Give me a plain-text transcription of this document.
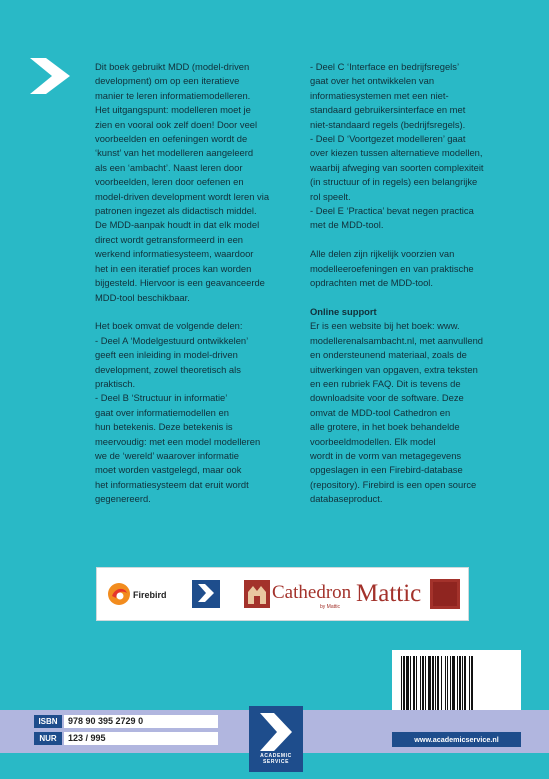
Dit boek gebruikt MDD (model-driven

development) om op een iteratieve

manier te leren informatiemodelleren.

Het uitgangspunt: modelleren moet je

zien en vooral ook zelf doen! Door veel

voorbeelden en oefeningen wordt de

‘kunst’ van het modelleren aangeleerd

als een ‘ambacht’. Naast leren door

voorbeelden, leren door oefenen en

model-driven development wordt leren via

patronen ingezet als didactisch middel.

De MDD-aanpak houdt in dat elk model

direct wordt getransformeerd in een

werkend informatiesysteem, waardoor

het in een iteratief proces kan worden

bijgesteld. Hiervoor is een geavanceerde

MDD-tool beschikbaar.

Het boek omvat de volgende delen:

- Deel A ‘Modelgestuurd ontwikkelen’

geeft een inleiding in model-driven

development, zowel theoretisch als

praktisch.

- Deel B ‘Structuur in informatie’

gaat over informatiemodellen en

hun betekenis. Deze betekenis is

meervoudig: met een model modelleren

we de ‘wereld’ waarover informatie

moet worden vastgelegd, maar ook

het informatiesysteem dat eruit wordt

gegenereerd.

- Deel C ‘Interface en bedrijfsregels’

gaat over het ontwikkelen van

informatiesystemen met een niet-

standaard gebruikersinterface en met

niet-standaard regels (bedrijfsregels).

- Deel D ‘Voortgezet modelleren’ gaat

over kiezen tussen alternatieve modellen,

waarbij afweging van soorten complexiteit

(in structuur of in regels) een belangrijke

rol speelt.

- Deel E ‘Practica’ bevat negen practica

met de MDD-tool.

Alle delen zijn rijkelijk voorzien van

modelleeroefeningen en van praktische

opdrachten met de MDD-tool.

Online support

Er is een website bij het boek: www.

modellerenalsambacht.nl, met aanvullend

en ondersteunend materiaal, zoals de

uitwerkingen van opgaven, extra teksten

en een rubriek FAQ. Dit is tevens de

downloadsite voor de software. Deze

omvat de MDD-tool Cathedron en

alle grotere, in het boek behandelde

voorbeeldmodellen. Elk model

wordt in de vorm van metagegevens

opgeslagen in een Firebird-database

(repository). Firebird is een open source

databaseproduct.

Firebird	Cathedron
by Mattic Mattic
ISBN	978 90 395 2729 0
NUR	123 / 995
ACADEMIC
SERVICE
www.academicservice.nl
